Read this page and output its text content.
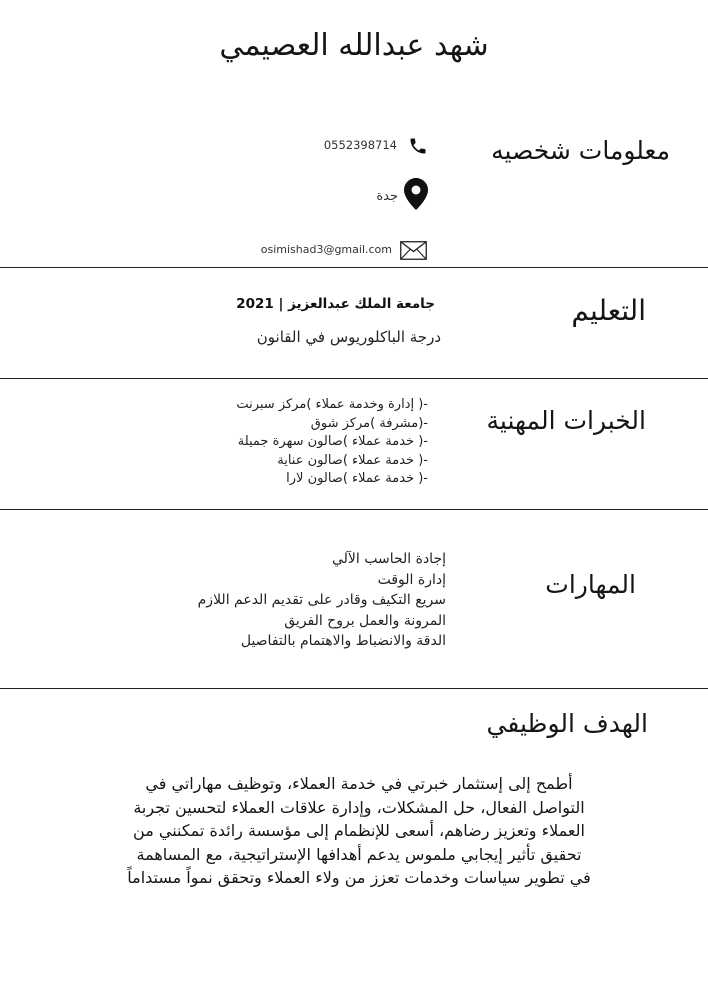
شهد عبدالله العصيمي
معلومات شخصيه
0552398714
جدة
osimishad3@gmail.com
التعليم
جامعة الملك عبدالعزيز | 2021
درجة الباكلوريوس في القانون
الخبرات المهنية
-( إدارة وخدمة عملاء )مركز سبرنت
-(مشرفة )مركز شوق
-( خدمة عملاء )صالون سهرة جميلة
-( خدمة عملاء )صالون عناية
-( خدمة عملاء )صالون لارا
المهارات
إجادة الحاسب الآلي
إدارة الوقت
سريع التكيف وقادر على تقديم الدعم اللازم
المرونة والعمل بروح الفريق
الدقة والانضباط والاهتمام بالتفاصيل
الهدف الوظيفي
أطمح إلى إستثمار خبرتي في خدمة العملاء، وتوظيف مهاراتي في
التواصل الفعال، حل المشكلات، وإدارة علاقات العملاء لتحسين تجربة
العملاء وتعزيز رضاهم، أسعى للإنظمام إلى مؤسسة رائدة تمكنني من
تحقيق تأثير إيجابي ملموس يدعم أهدافها الإستراتيجية، مع المساهمة
في تطوير سياسات وخدمات تعزز من ولاء العملاء وتحقق نمواً مستداماً
